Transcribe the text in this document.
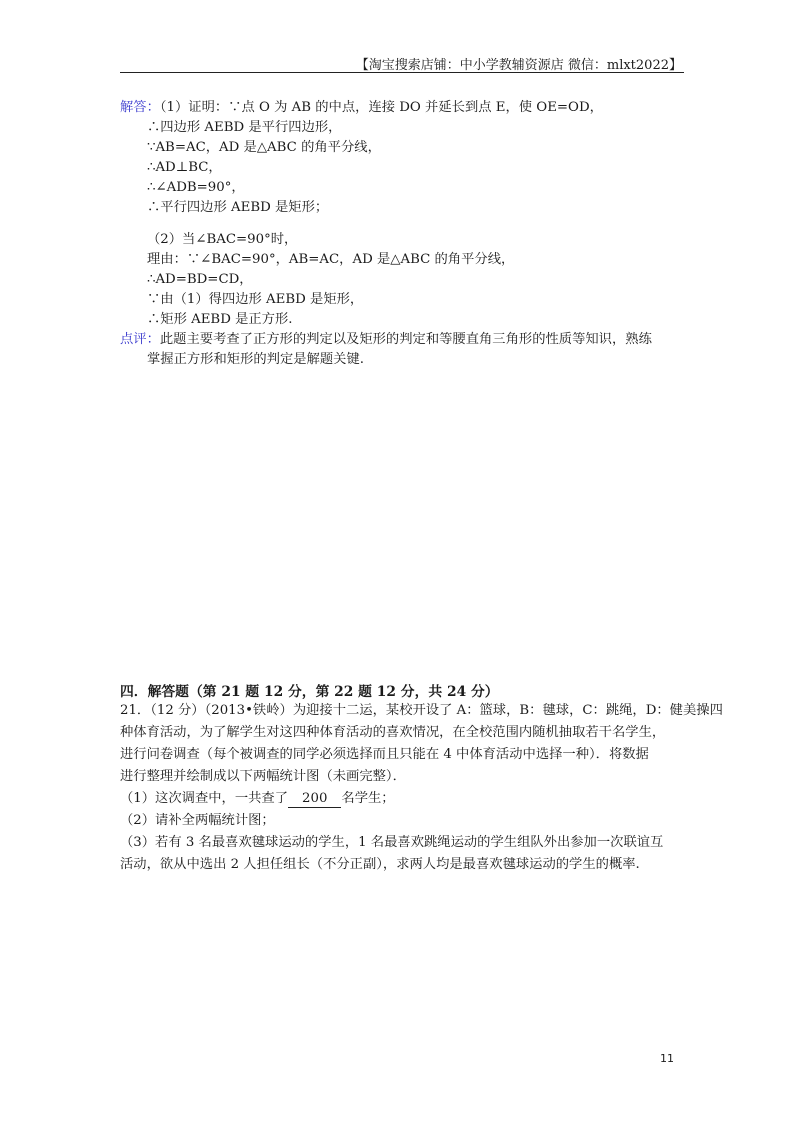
【淘宝搜索店铺：中小学教辅资源店 微信：mlxt2022】
解答：（1）证明：∵点 O 为 AB 的中点，连接 DO 并延长到点 E，使 OE=OD，
∴四边形 AEBD 是平行四边形，
∵AB=AC，AD 是△ABC 的角平分线，
∴AD⊥BC，
∴∠ADB=90°，
∴平行四边形 AEBD 是矩形；
（2）当∠BAC=90°时，
理由：∵∠BAC=90°，AB=AC，AD 是△ABC 的角平分线，
∴AD=BD=CD，
∵由（1）得四边形 AEBD 是矩形，
∴矩形 AEBD 是正方形.
点评：此题主要考查了正方形的判定以及矩形的判定和等腰直角三角形的性质等知识，熟练
掌握正方形和矩形的判定是解题关键.
四．解答题（第 21 题 12 分，第 22 题 12 分，共 24 分）
21．（12 分）（2013•铁岭）为迎接十二运，某校开设了 A：篮球，B：毽球，C：跳绳，D：健美操四
种体育活动，为了解学生对这四种体育活动的喜欢情况，在全校范围内随机抽取若干名学生，
进行问卷调查（每个被调查的同学必须选择而且只能在 4 中体育活动中选择一种）．将数据
进行整理并绘制成以下两幅统计图（未画完整）．
（1）这次调查中，一共查了 200 名学生；
（2）请补全两幅统计图；
（3）若有 3 名最喜欢毽球运动的学生，1 名最喜欢跳绳运动的学生组队外出参加一次联谊互
活动，欲从中选出 2 人担任组长（不分正副），求两人均是最喜欢毽球运动的学生的概率.
11
